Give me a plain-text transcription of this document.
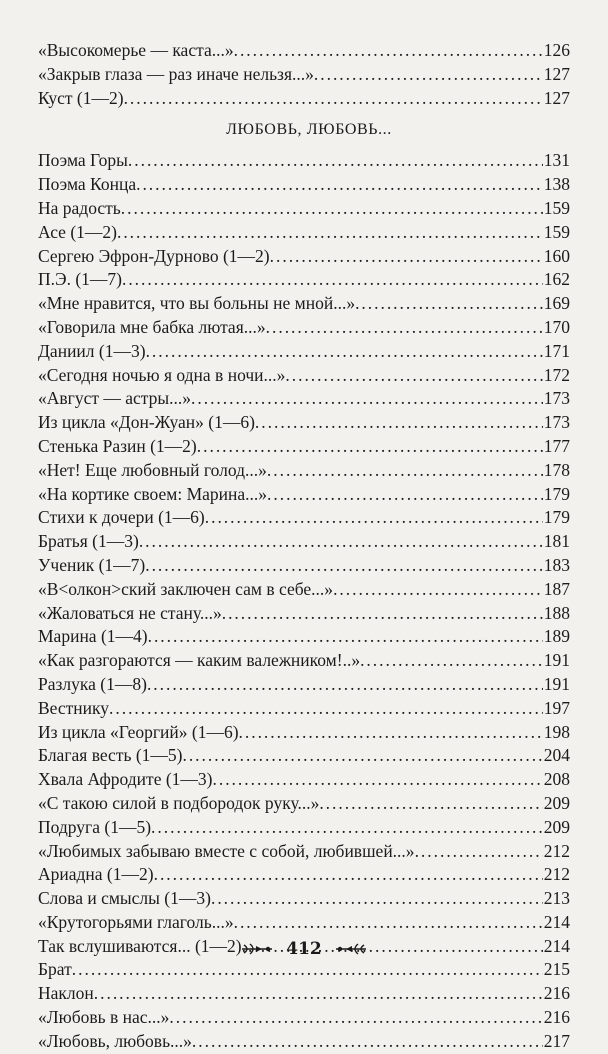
«Высокомерье — каста...» . . .	126
«Закрыв глаза — раз иначе нельзя...» . . .	127
Куст (1—2) . . .	127
ЛЮБОВЬ, ЛЮБОВЬ...
Поэма Горы . . .	131
Поэма Конца . . .	138
На радость . . .	159
Асе (1—2) . . .	159
Сергею Эфрон-Дурново (1—2) . . .	160
П.Э. (1—7) . . .	162
«Мне нравится, что вы больны не мной...» . . .	169
«Говорила мне бабка лютая...» . . .	170
Даниил (1—3) . . .	171
«Сегодня ночью я одна в ночи...» . . .	172
«Август — астры...» . . .	173
Из цикла «Дон-Жуан» (1—6) . . .	173
Стенька Разин (1—2) . . .	177
«Нет! Еще любовный голод...» . . .	178
«На кортике своем: Марина...» . . .	179
Стихи к дочери (1—6) . . .	179
Братья (1—3) . . .	181
Ученик (1—7) . . .	183
«В<олкон>ский заключен сам в себе...» . . .	187
«Жаловаться не стану...» . . .	188
Марина (1—4) . . .	189
«Как разгораются — каким валежником!..» . . .	191
Разлука (1—8) . . .	191
Вестнику . . .	197
Из цикла «Георгий» (1—6) . . .	198
Благая весть (1—5) . . .	204
Хвала Афродите (1—3) . . .	208
«С такою силой в подбородок руку...» . . .	209
Подруга (1—5) . . .	209
«Любимых забываю вместе с собой, любившей...» . . .	212
Ариадна (1—2) . . .	212
Слова и смыслы (1—3) . . .	213
«Крутогорьями глаголь...» . . .	214
Так вслушиваются... (1—2) . . .	214
Брат . . .	215
Наклон . . .	216
«Любовь в нас...» . . .	216
«Любовь, любовь...» . . .	217
412
